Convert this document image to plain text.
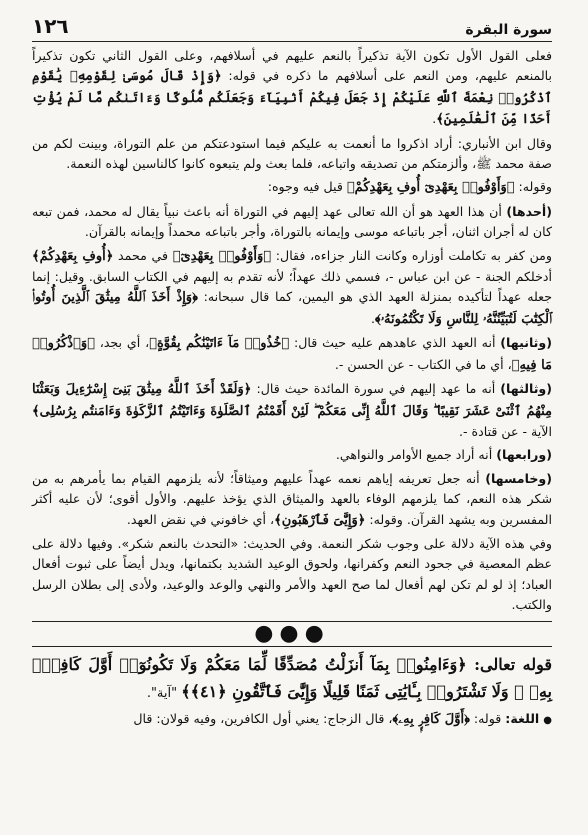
سورة البقرة
١٢٦

فعلى القول الأول تكون الآية تذكيراً بالنعم عليهم في أسلافهم، وعلى القول الثاني تكون تذكيراً بالمنعم عليهم، ومن النعم على أسلافهم ما ذكره في قوله: ﴿وَإِذْ قَالَ مُوسَىٰ لِقَوْمِهِۦ يَٰقَوْمِ ٱذْكُرُوا۟ نِعْمَةَ ٱللَّهِ عَلَيْكُمْ إِذْ جَعَلَ فِيكُمْ أَنۢبِيَآءَ وَجَعَلَكُم مُّلُوكًا وَءَاتَىٰكُم مَّا لَمْ يُؤْتِ أَحَدًا مِّنَ ٱلْعَٰلَمِينَ﴾.

وقال ابن الأنباري: أراد اذكروا ما أنعمت به عليكم فيما استودعتكم من علم التوراة، وبينت لكم من صفة محمد ﷺ، وألزمتكم من تصديقه واتباعه، فلما بعث ولم يتبعوه كانوا كالناسين لهذه النعمة.

وقوله: ﴿وَأَوْفُوا۟ بِعَهْدِىٓ أُوفِ بِعَهْدِكُمْ﴾ قيل فيه وجوه:

(أحدها) أن هذا العهد هو أن الله تعالى عهد إليهم في التوراة أنه باعث نبياً يقال له محمد، فمن تبعه كان له أجران اثنان، أجر باتباعه موسى وإيمانه بالتوراة، وأجر باتباعه محمداً وإيمانه بالقرآن.

ومن كفر به تكاملت أوزاره وكانت النار جزاءه، فقال: ﴿وَأَوْفُوا۟ بِعَهْدِىٓ﴾ في محمد ﴿أُوفِ بِعَهْدِكُمْ﴾ أدخلكم الجنة - عن ابن عباس -، فسمي ذلك عهداً؛ لأنه تقدم به إليهم في الكتاب السابق. وقيل: إنما جعله عهداً لتأكيده بمنزلة العهد الذي هو اليمين، كما قال سبحانه: ﴿وَإِذْ أَخَذَ ٱللَّهُ مِيثَٰقَ ٱلَّذِينَ أُوتُوا۟ ٱلْكِتَٰبَ لَتُبَيِّنُنَّهُۥ لِلنَّاسِ وَلَا تَكْتُمُونَهُۥ﴾.

(وثانيها) أنه العهد الذي عاهدهم عليه حيث قال: ﴿خُذُوا۟ مَآ ءَاتَيْنَٰكُم بِقُوَّةٍ﴾، أي بجد، ﴿وَٱذْكُرُوا۟ مَا فِيهِ﴾، أي ما في الكتاب - عن الحسن -.

(وثالثها) أنه ما عهد إليهم في سورة المائدة حيث قال: ﴿وَلَقَدْ أَخَذَ ٱللَّهُ مِيثَٰقَ بَنِىٓ إِسْرَٰٓءِيلَ وَبَعَثْنَا مِنْهُمُ ٱثْنَىْ عَشَرَ نَقِيبًا ۖ وَقَالَ ٱللَّهُ إِنِّى مَعَكُمْ ۖ لَئِنْ أَقَمْتُمُ ٱلصَّلَوٰةَ وَءَاتَيْتُمُ ٱلزَّكَوٰةَ وَءَامَنتُم بِرُسُلِى﴾ الآية - عن قتادة -.

(ورابعها) أنه أراد جميع الأوامر والنواهي.

(وخامسها) أنه جعل تعريفه إياهم نعمه عهداً عليهم وميثاقاً؛ لأنه يلزمهم القيام بما يأمرهم به من شكر هذه النعم، كما يلزمهم الوفاء بالعهد والميثاق الذي يؤخذ عليهم. والأول أقوى؛ لأن عليه أكثر المفسرين وبه يشهد القرآن. وقوله: ﴿وَإِيَّٰىَ فَٱرْهَبُونِ﴾، أي خافوني في نقض العهد.

وفي هذه الآية دلالة على وجوب شكر النعمة. وفي الحديث: «التحدث بالنعم شكر». وفيها دلالة على عظم المعصية في جحود النعم وكفرانها، ولحوق الوعيد الشديد بكتمانها، ويدل أيضاً على ثبوت أفعال العباد؛ إذ لو لم تكن لهم أفعال لما صح العهد والأمر والنهي والوعد والوعيد، ولأدى إلى بطلان الرسل والكتب.

●●●
قوله تعالى: ﴿وَءَامِنُوا۟ بِمَآ أَنزَلْتُ مُصَدِّقًا لِّمَا مَعَكُمْ وَلَا تَكُونُوٓا۟ أَوَّلَ كَافِرٍۭ بِهِۦ ۖ وَلَا تَشْتَرُوا۟ بِـَٔايَٰتِى ثَمَنًا قَلِيلًا وَإِيَّٰىَ فَٱتَّقُونِ ﴿٤١﴾﴾ "آية".
● اللغة: قوله: ﴿أَوَّلَ كَافِرٍۭ بِهِۦ﴾، قال الزجاج: يعني أول الكافرين، وفيه قولان: قال
